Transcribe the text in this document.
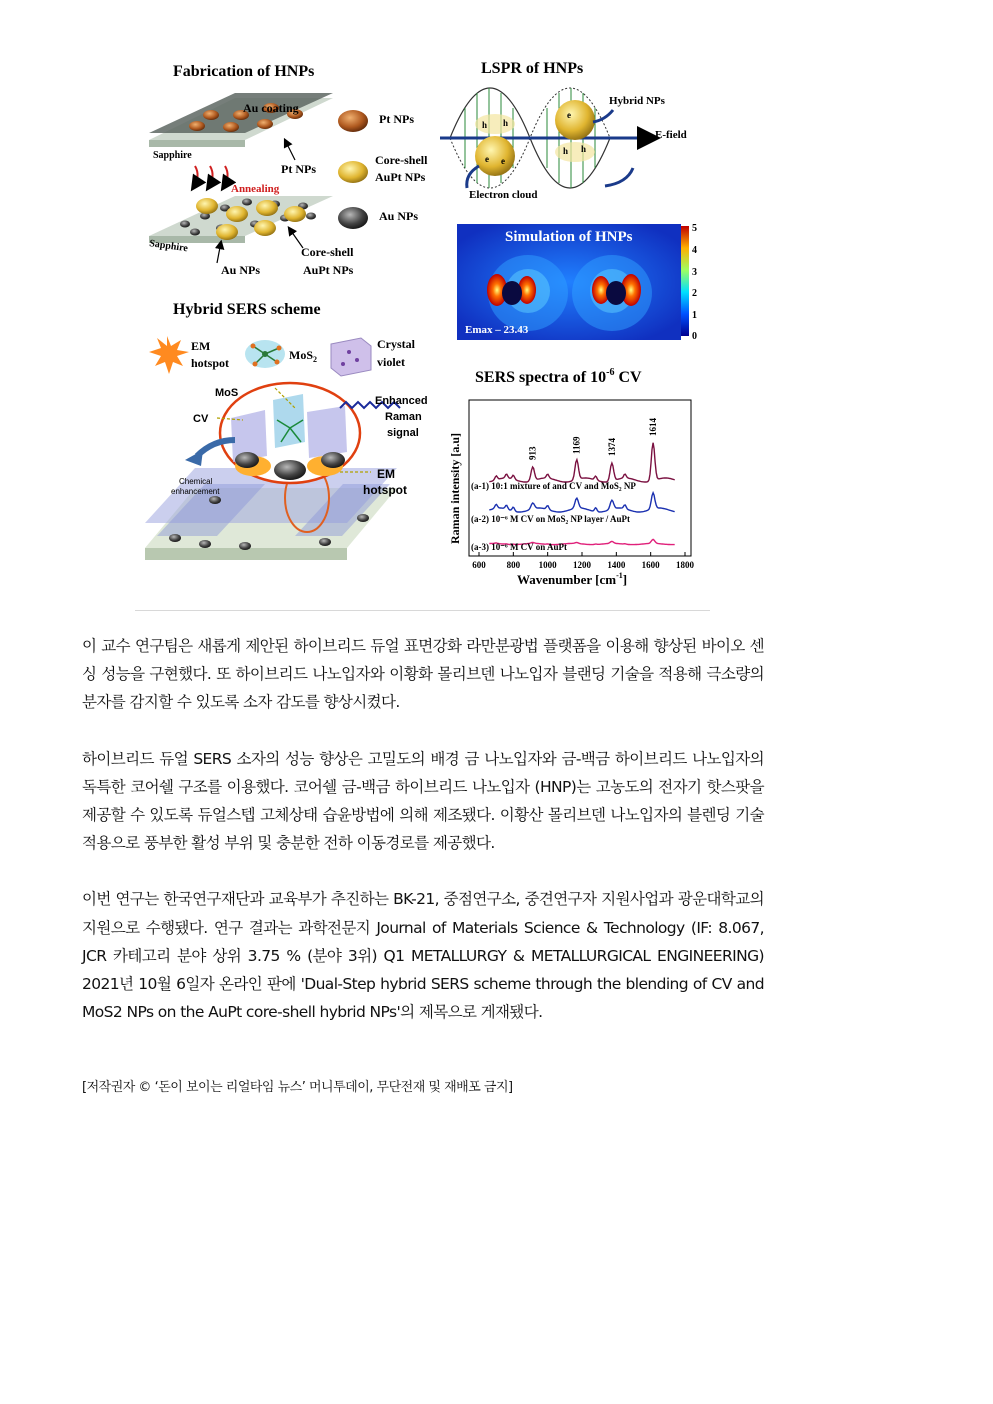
Fabrication of HNPs
Au coating
Sapphire
Pt NPs
Annealing
Sapphire
Au NPs
Core-shell
AuPt NPs
Pt NPs
Core-shell
AuPt NPs
Au NPs
LSPR of HNPs
h h
e e
e
h h
Hybrid NPs
E-field
Electron cloud
Simulation of HNPs
Emax – 23.43
5
4
3
2
1
0
Hybrid SERS scheme
EM
hotspot
MoS$_2$
Crystal
violet
MoS
CV
Enhanced
Raman
signal
Chemical
enhancement
EM
hotspot
SERS spectra of $10^{-6}$ CV
Raman intensity [a.u]
600 800 1000 1200 1400 1600 1800
913	1169	1374
1614
(a-1) 10:1 mixture of and CV and MoS₂ NP
(a-2) 10⁻⁶ M CV on MoS₂ NP layer / AuPt
(a-3) 10⁻⁶ M CV on AuPt
Wavenumber $[cm^{-1}]$

이 교수 연구팀은 새롭게 제안된 하이브리드 듀얼 표면강화 라만분광법 플랫폼을 이용해 향상된 바이오 센싱 성능을 구현했다. 또 하이브리드 나노입자와 이황화 몰리브덴 나노입자 블랜딩 기술을 적용해 극소량의 분자를 감지할 수 있도록 소자 감도를 향상시켰다.

하이브리드 듀얼 SERS 소자의 성능 향상은 고밀도의 배경 금 나노입자와 금-백금 하이브리드 나노입자의 독특한 코어쉘 구조를 이용했다. 코어쉘 금-백금 하이브리드 나노입자 (HNP)는 고농도의 전자기 핫스팟을 제공할 수 있도록 듀얼스텝 고체상태 습윤방법에 의해 제조됐다. 이황산 몰리브덴 나노입자의 블렌딩 기술 적용으로 풍부한 활성 부위 및 충분한 전하 이동경로를 제공했다.

이번 연구는 한국연구재단과 교육부가 추진하는 BK-21, 중점연구소, 중견연구자 지원사업과 광운대학교의 지원으로 수행됐다. 연구 결과는 과학전문지 Journal of Materials Science & Technology (IF: 8.067, JCR 카테고리 분야 상위 3.75 % (분야 3위) Q1 METALLURGY & METALLURGICAL ENGINEERING) 2021년 10월 6일자 온라인 판에 'Dual-Step hybrid SERS scheme through the blending of CV and MoS2 NPs on the AuPt core-shell hybrid NPs'의 제목으로 게재됐다.

[저작권자 © ‘돈이 보이는 리얼타임 뉴스’ 머니투데이, 무단전재 및 재배포 금지]
